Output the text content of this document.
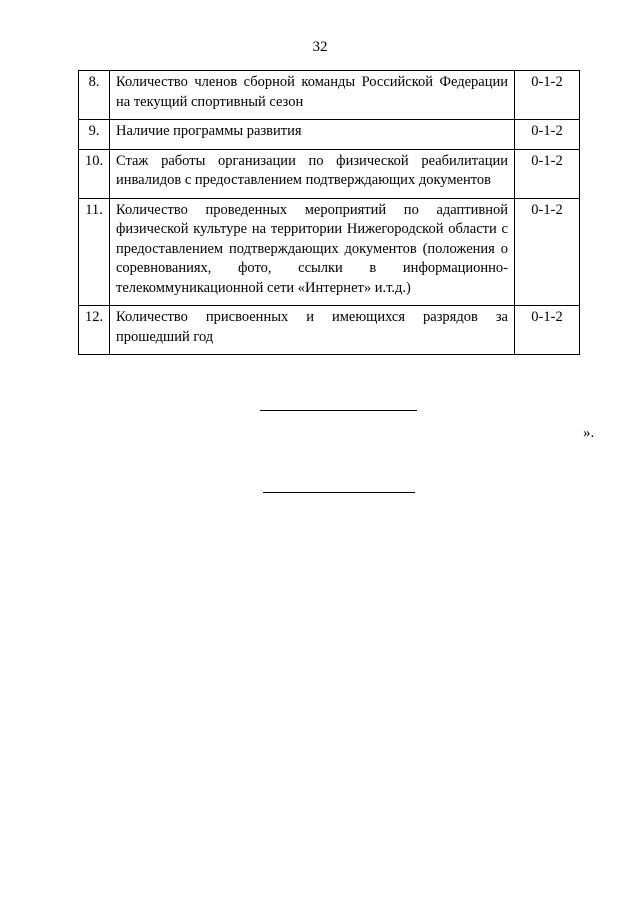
32
8.	Количество членов сборной команды Российской Федерации на текущий спортивный сезон	0-1-2
9.	Наличие программы развития	0-1-2
10.	Стаж работы организации по физической реабилитации инвалидов с предоставлением подтверждающих документов	0-1-2
11.	Количество проведенных мероприятий по адаптивной физической культуре на территории Нижегородской области с предоставлением подтверждающих документов (положения о соревнованиях, фото, ссылки в информационно-телекоммуникационной сети «Интернет» и.т.д.)	0-1-2
12.	Количество присвоенных и имеющихся разрядов за прошедший год	0-1-2
».
